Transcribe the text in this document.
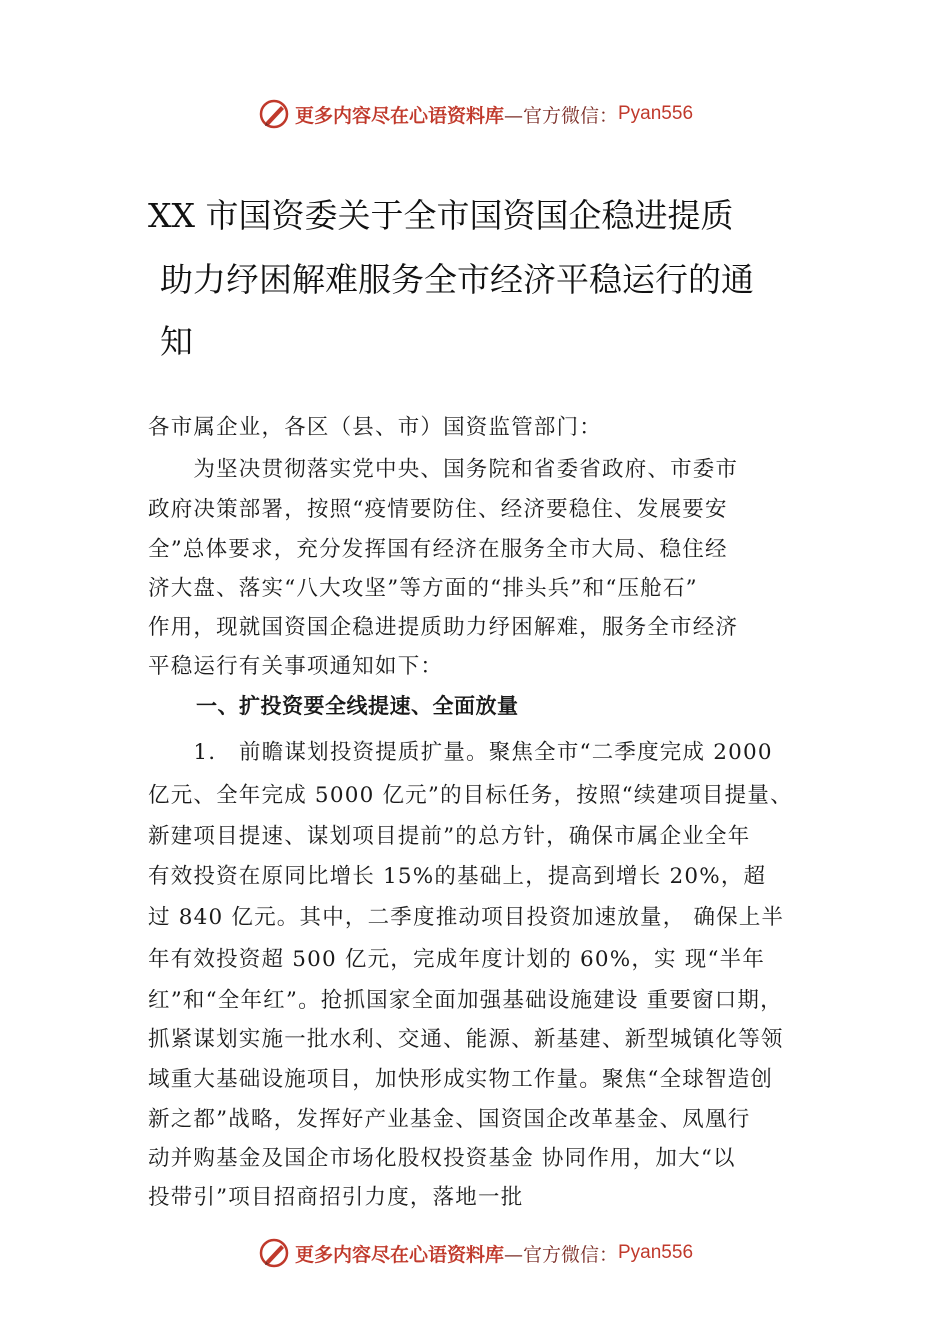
更多内容尽在心语资料库 —官方微信： Pyan556
XX 市国资委关于全市国资国企稳进提质
助力纾困解难服务全市经济平稳运行的通
知
各市属企业，各区（县、市）国资监管部门：
　　为坚决贯彻落实党中央、国务院和省委省政府、市委市
政府决策部署，按照“疫情要防住、经济要稳住、发展要安
全”总体要求，充分发挥国有经济在服务全市大局、稳住经
济大盘、落实“八大攻坚”等方面的“排头兵”和“压舱石”
作用，现就国资国企稳进提质助力纾困解难，服务全市经济
平稳运行有关事项通知如下：
一、扩投资要全线提速、全面放量
　　1.　前瞻谋划投资提质扩量。聚焦全市“二季度完成 2000
亿元、全年完成 5000 亿元”的目标任务，按照“续建项目提量、
新建项目提速、谋划项目提前”的总方针，确保市属企业全年
有效投资在原同比增长 15%的基础上，提高到增长 20%，超
过 840 亿元。其中，二季度推动项目投资加速放量， 确保上半
年有效投资超 500 亿元，完成年度计划的 60%，实 现“半年
红”和“全年红”。抢抓国家全面加强基础设施建设 重要窗口期，
抓紧谋划实施一批水利、交通、能源、新基建、新型城镇化等领
域重大基础设施项目，加快形成实物工作量。聚焦“全球智造创
新之都”战略，发挥好产业基金、国资国企改革基金、凤凰行
动并购基金及国企市场化股权投资基金 协同作用，加大“以
投带引”项目招商招引力度，落地一批
更多内容尽在心语资料库 —官方微信： Pyan556
